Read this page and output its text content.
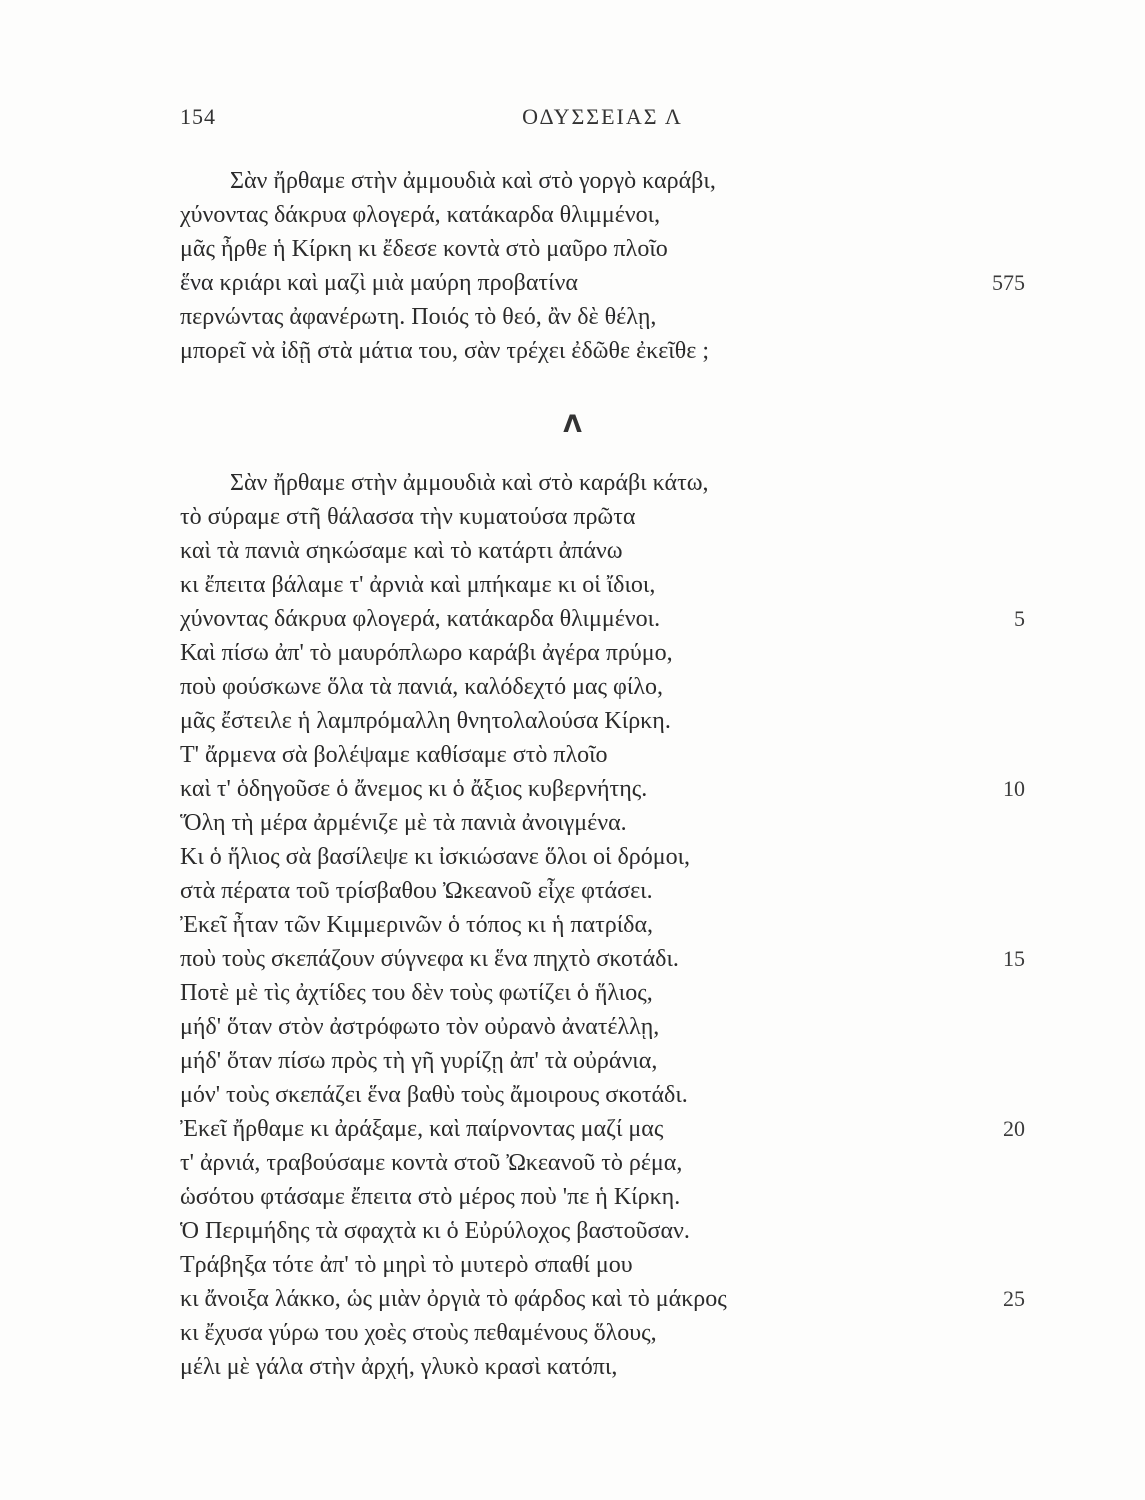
154	ΟΔΥΣΣΕΙΑΣ Λ
Σὰν ἤρθαμε στὴν ἀμμουδιὰ καὶ στὸ γοργὸ καράβι,
χύνοντας δάκρυα φλογερά, κατάκαρδα θλιμμένοι,
μᾶς ἦρθε ἡ Κίρκη κι ἔδεσε κοντὰ στὸ μαῦρο πλοῖο
ἕνα κριάρι καὶ μαζὶ μιὰ μαύρη προβατίνα	575
περνώντας ἀφανέρωτη. Ποιός τὸ θεό, ἂν δὲ θέλῃ,
μπορεῖ νὰ ἰδῇ στὰ μάτια του, σὰν τρέχει ἐδῶθε ἐκεῖθε ;
Λ
Σὰν ἤρθαμε στὴν ἀμμουδιὰ καὶ στὸ καράβι κάτω,
τὸ σύραμε στῆ θάλασσα τὴν κυματούσα πρῶτα
καὶ τὰ πανιὰ σηκώσαμε καὶ τὸ κατάρτι ἀπάνω
κι ἔπειτα βάλαμε τ' ἀρνιὰ καὶ μπήκαμε κι οἱ ἴδιοι,
χύνοντας δάκρυα φλογερά, κατάκαρδα θλιμμένοι.	5
Καὶ πίσω ἀπ' τὸ μαυρόπλωρο καράβι ἀγέρα πρύμο,
ποὺ φούσκωνε ὅλα τὰ πανιά, καλόδεχτό μας φίλο,
μᾶς ἔστειλε ἡ λαμπρόμαλλη θνητολαλούσα Κίρκη.
Τ' ἄρμενα σὰ βολέψαμε καθίσαμε στὸ πλοῖο
καὶ τ' ὁδηγοῦσε ὁ ἄνεμος κι ὁ ἄξιος κυβερνήτης.	10
Ὅλη τὴ μέρα ἀρμένιζε μὲ τὰ πανιὰ ἀνοιγμένα.
Κι ὁ ἥλιος σὰ βασίλεψε κι ἰσκιώσανε ὅλοι οἱ δρόμοι,
στὰ πέρατα τοῦ τρίσβαθου Ὠκεανοῦ εἶχε φτάσει.
Ἐκεῖ ἦταν τῶν Κιμμερινῶν ὁ τόπος κι ἡ πατρίδα,
ποὺ τοὺς σκεπάζουν σύγνεφα κι ἕνα πηχτὸ σκοτάδι.	15
Ποτὲ μὲ τὶς ἀχτίδες του δὲν τοὺς φωτίζει ὁ ἥλιος,
μήδ' ὅταν στὸν ἀστρόφωτο τὸν οὐρανὸ ἀνατέλλῃ,
μήδ' ὅταν πίσω πρὸς τὴ γῆ γυρίζῃ ἀπ' τὰ οὐράνια,
μόν' τοὺς σκεπάζει ἕνα βαθὺ τοὺς ἄμοιρους σκοτάδι.
Ἐκεῖ ἤρθαμε κι ἀράξαμε, καὶ παίρνοντας μαζί μας	20
τ' ἀρνιά, τραβούσαμε κοντὰ στοῦ Ὠκεανοῦ τὸ ρέμα,
ὡσότου φτάσαμε ἔπειτα στὸ μέρος ποὺ 'πε ἡ Κίρκη.
Ὁ Περιμήδης τὰ σφαχτὰ κι ὁ Εὐρύλοχος βαστοῦσαν.
Τράβηξα τότε ἀπ' τὸ μηρὶ τὸ μυτερὸ σπαθί μου
κι ἄνοιξα λάκκο, ὡς μιὰν ὀργιὰ τὸ φάρδος καὶ τὸ μάκρος	25
κι ἔχυσα γύρω του χοὲς στοὺς πεθαμένους ὅλους,
μέλι μὲ γάλα στὴν ἀρχή, γλυκὸ κρασὶ κατόπι,
